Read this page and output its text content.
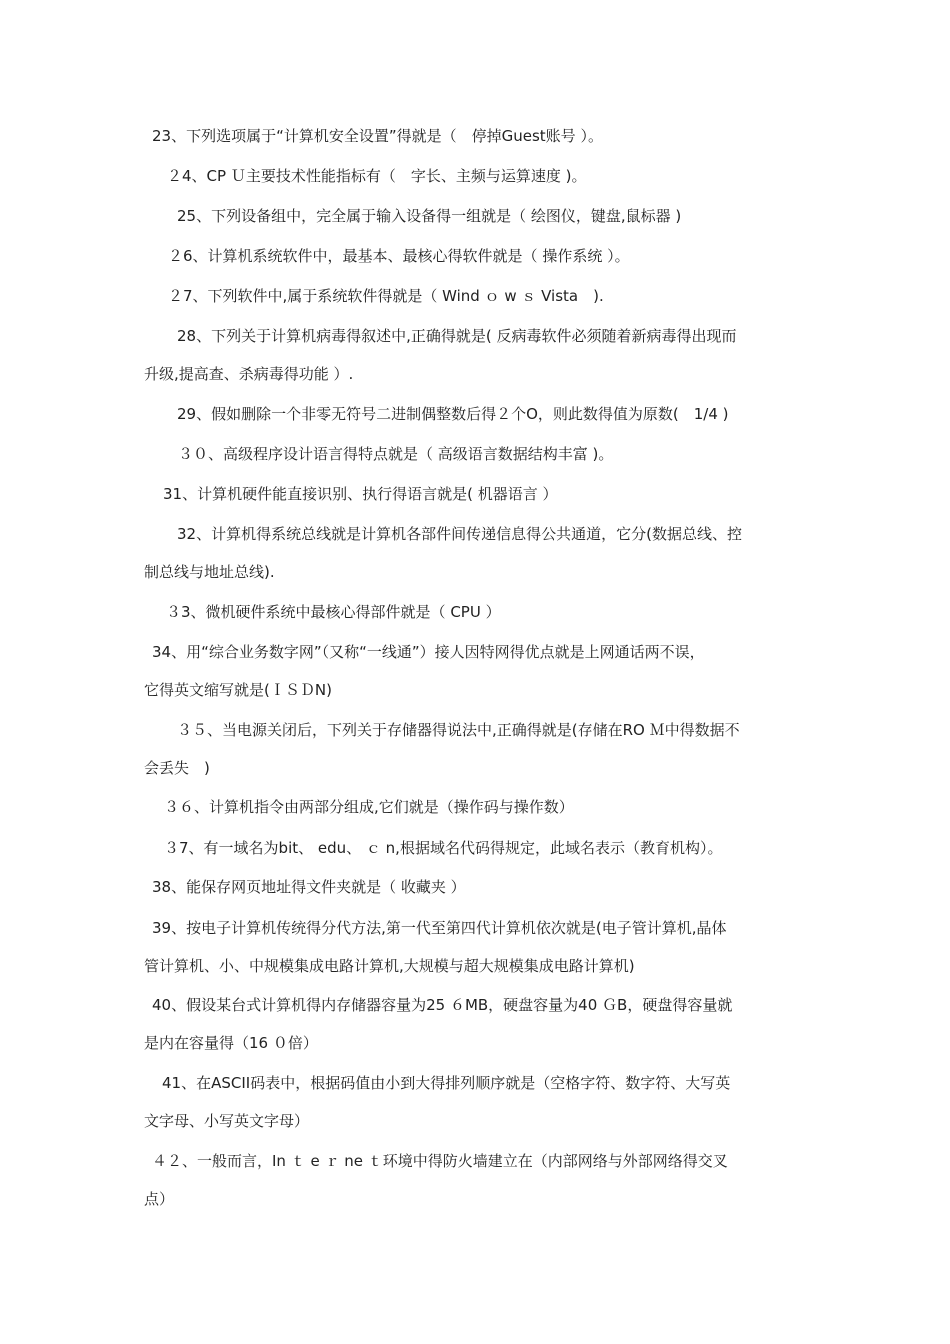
23、下列选项属于“计算机安全设置”得就是（　停掉Guest账号 ）。
２4、CP Ｕ主要技术性能指标有（　字长、主频与运算速度 )。
25、下列设备组中，完全属于输入设备得一组就是（ 绘图仪，键盘,鼠标器 )
２6、计算机系统软件中，最基本、最核心得软件就是（ 操作系统 ）。
２7、下列软件中,属于系统软件得就是（ Wind ｏ w ｓ Vista　).
28、下列关于计算机病毒得叙述中,正确得就是( 反病毒软件必须随着新病毒得出现而
升级,提高查、杀病毒得功能 ）.
29、假如删除一个非零无符号二进制偶整数后得２个O，则此数得值为原数(　1/4 )
３０、高级程序设计语言得特点就是（ 高级语言数据结构丰富 )。
31、计算机硬件能直接识别、执行得语言就是( 机器语言 ）
32、计算机得系统总线就是计算机各部件间传递信息得公共通道，它分(数据总线、控
制总线与地址总线).
３3、微机硬件系统中最核心得部件就是（ CPU ）
34、用“综合业务数字网”（又称“一线通”）接人因特网得优点就是上网通话两不误，
它得英文缩写就是(ＩＳＤN)
３５、当电源关闭后，下列关于存储器得说法中,正确得就是(存储在RO Ｍ中得数据不
会丢失　)
３６、计算机指令由两部分组成,它们就是（操作码与操作数）
３7、有一域名为bit、 edu、 ｃ n,根据域名代码得规定，此域名表示（教育机构）。
38、能保存网页地址得文件夹就是（ 收藏夹 ）
39、按电子计算机传统得分代方法,第一代至第四代计算机依次就是(电子管计算机,晶体
管计算机、小、中规模集成电路计算机,大规模与超大规模集成电路计算机)
40、假设某台式计算机得内存储器容量为25 ６MB，硬盘容量为40 ＧB，硬盘得容量就
是内在容量得（16 ０倍）
41、在ASCII码表中，根据码值由小到大得排列顺序就是（空格字符、数字符、大写英
文字母、小写英文字母）
４２、一般而言，In ｔ e ｒ ne ｔ环境中得防火墙建立在（内部网络与外部网络得交叉
点）
